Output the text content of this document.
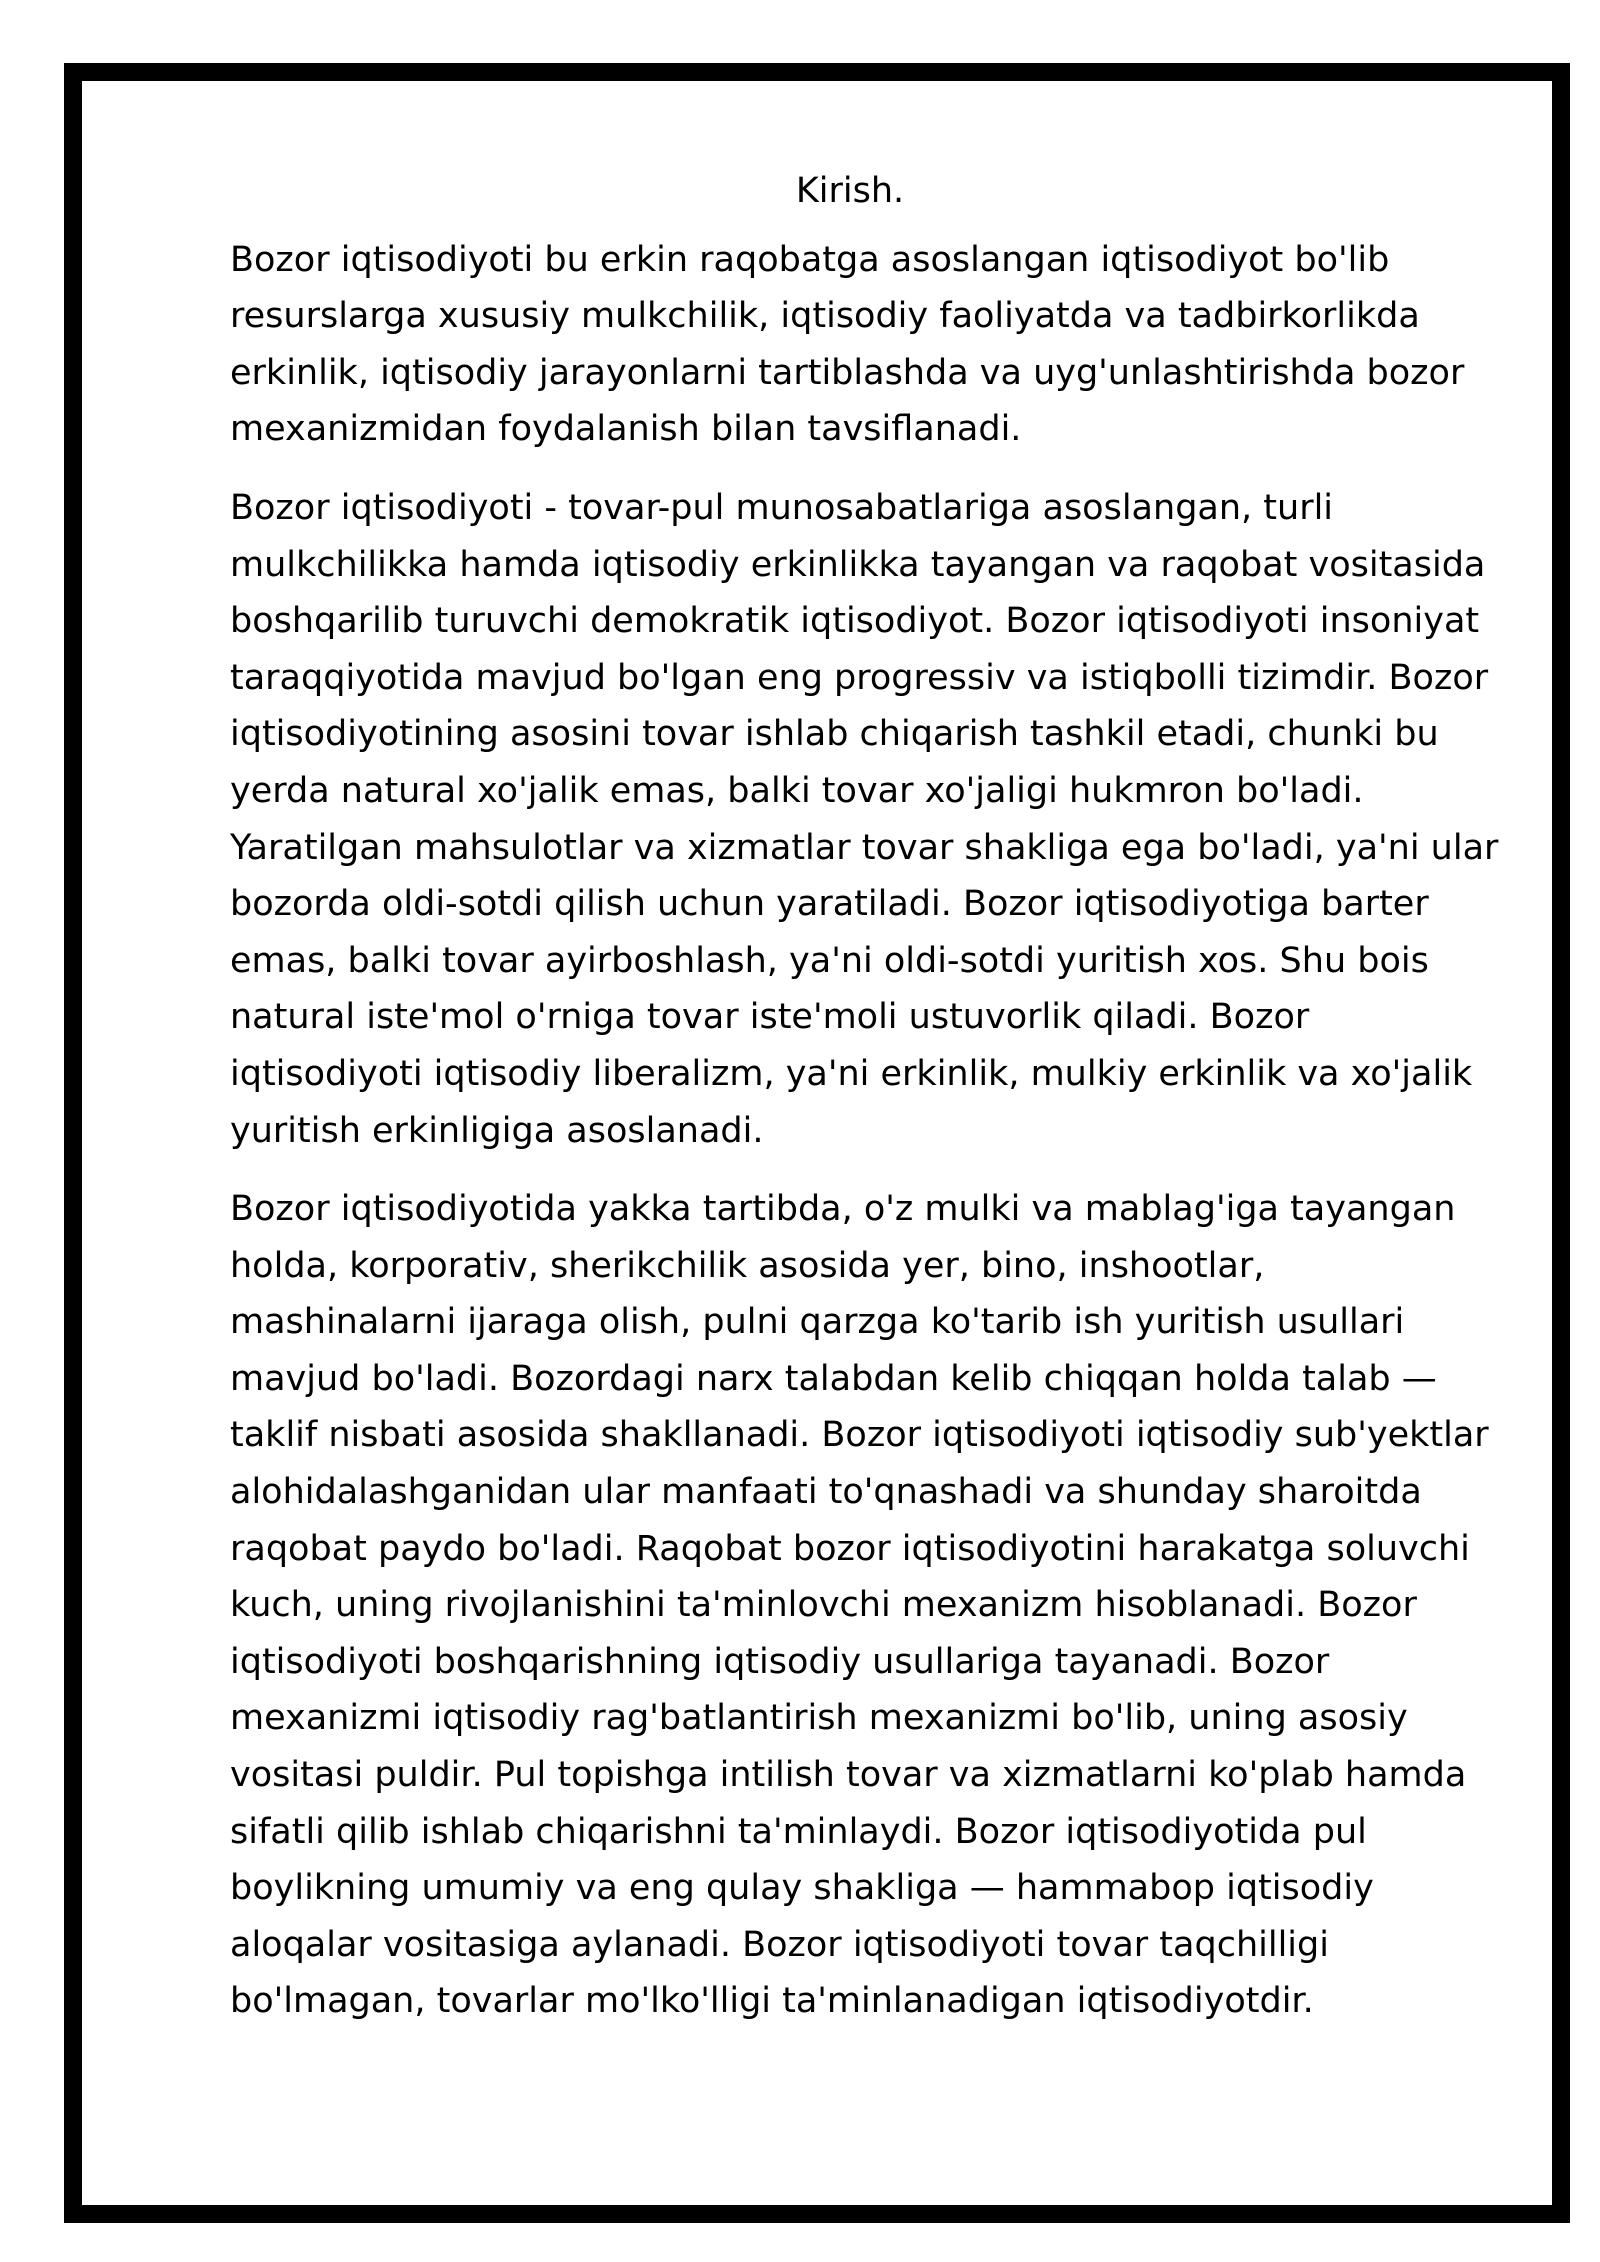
Kirish.
Bozor iqtisodiyoti bu erkin raqobatga asoslangan iqtisodiyot bo'lib
resurslarga xususiy mulkchilik, iqtisodiy faoliyatda va tadbirkorlikda
erkinlik, iqtisodiy jarayonlarni tartiblashda va uyg'unlashtirishda bozor
mexanizmidan foydalanish bilan tavsiflanadi.
Bozor iqtisodiyoti - tovar-pul munosabatlariga asoslangan, turli
mulkchilikka hamda iqtisodiy erkinlikka tayangan va raqobat vositasida
boshqarilib turuvchi demokratik iqtisodiyot. Bozor iqtisodiyoti insoniyat
taraqqiyotida mavjud bo'lgan eng progressiv va istiqbolli tizimdir. Bozor
iqtisodiyotining asosini tovar ishlab chiqarish tashkil etadi, chunki bu
yerda natural xo'jalik emas, balki tovar xo'jaligi hukmron bo'ladi.
Yaratilgan mahsulotlar va xizmatlar tovar shakliga ega bo'ladi, ya'ni ular
bozorda oldi-sotdi qilish uchun yaratiladi. Bozor iqtisodiyotiga barter
emas, balki tovar ayirboshlash, ya'ni oldi-sotdi yuritish xos. Shu bois
natural iste'mol o'rniga tovar iste'moli ustuvorlik qiladi. Bozor
iqtisodiyoti iqtisodiy liberalizm, ya'ni erkinlik, mulkiy erkinlik va xo'jalik
yuritish erkinligiga asoslanadi.
Bozor iqtisodiyotida yakka tartibda, o'z mulki va mablag'iga tayangan
holda, korporativ, sherikchilik asosida yer, bino, inshootlar,
mashinalarni ijaraga olish, pulni qarzga ko'tarib ish yuritish usullari
mavjud bo'ladi. Bozordagi narx talabdan kelib chiqqan holda talab —
taklif nisbati asosida shakllanadi. Bozor iqtisodiyoti iqtisodiy sub'yektlar
alohidalashganidan ular manfaati to'qnashadi va shunday sharoitda
raqobat paydo bo'ladi. Raqobat bozor iqtisodiyotini harakatga soluvchi
kuch, uning rivojlanishini ta'minlovchi mexanizm hisoblanadi. Bozor
iqtisodiyoti boshqarishning iqtisodiy usullariga tayanadi. Bozor
mexanizmi iqtisodiy rag'batlantirish mexanizmi bo'lib, uning asosiy
vositasi puldir. Pul topishga intilish tovar va xizmatlarni ko'plab hamda
sifatli qilib ishlab chiqarishni ta'minlaydi. Bozor iqtisodiyotida pul
boylikning umumiy va eng qulay shakliga — hammabop iqtisodiy
aloqalar vositasiga aylanadi. Bozor iqtisodiyoti tovar taqchilligi
bo'lmagan, tovarlar mo'lko'lligi ta'minlanadigan iqtisodiyotdir.
